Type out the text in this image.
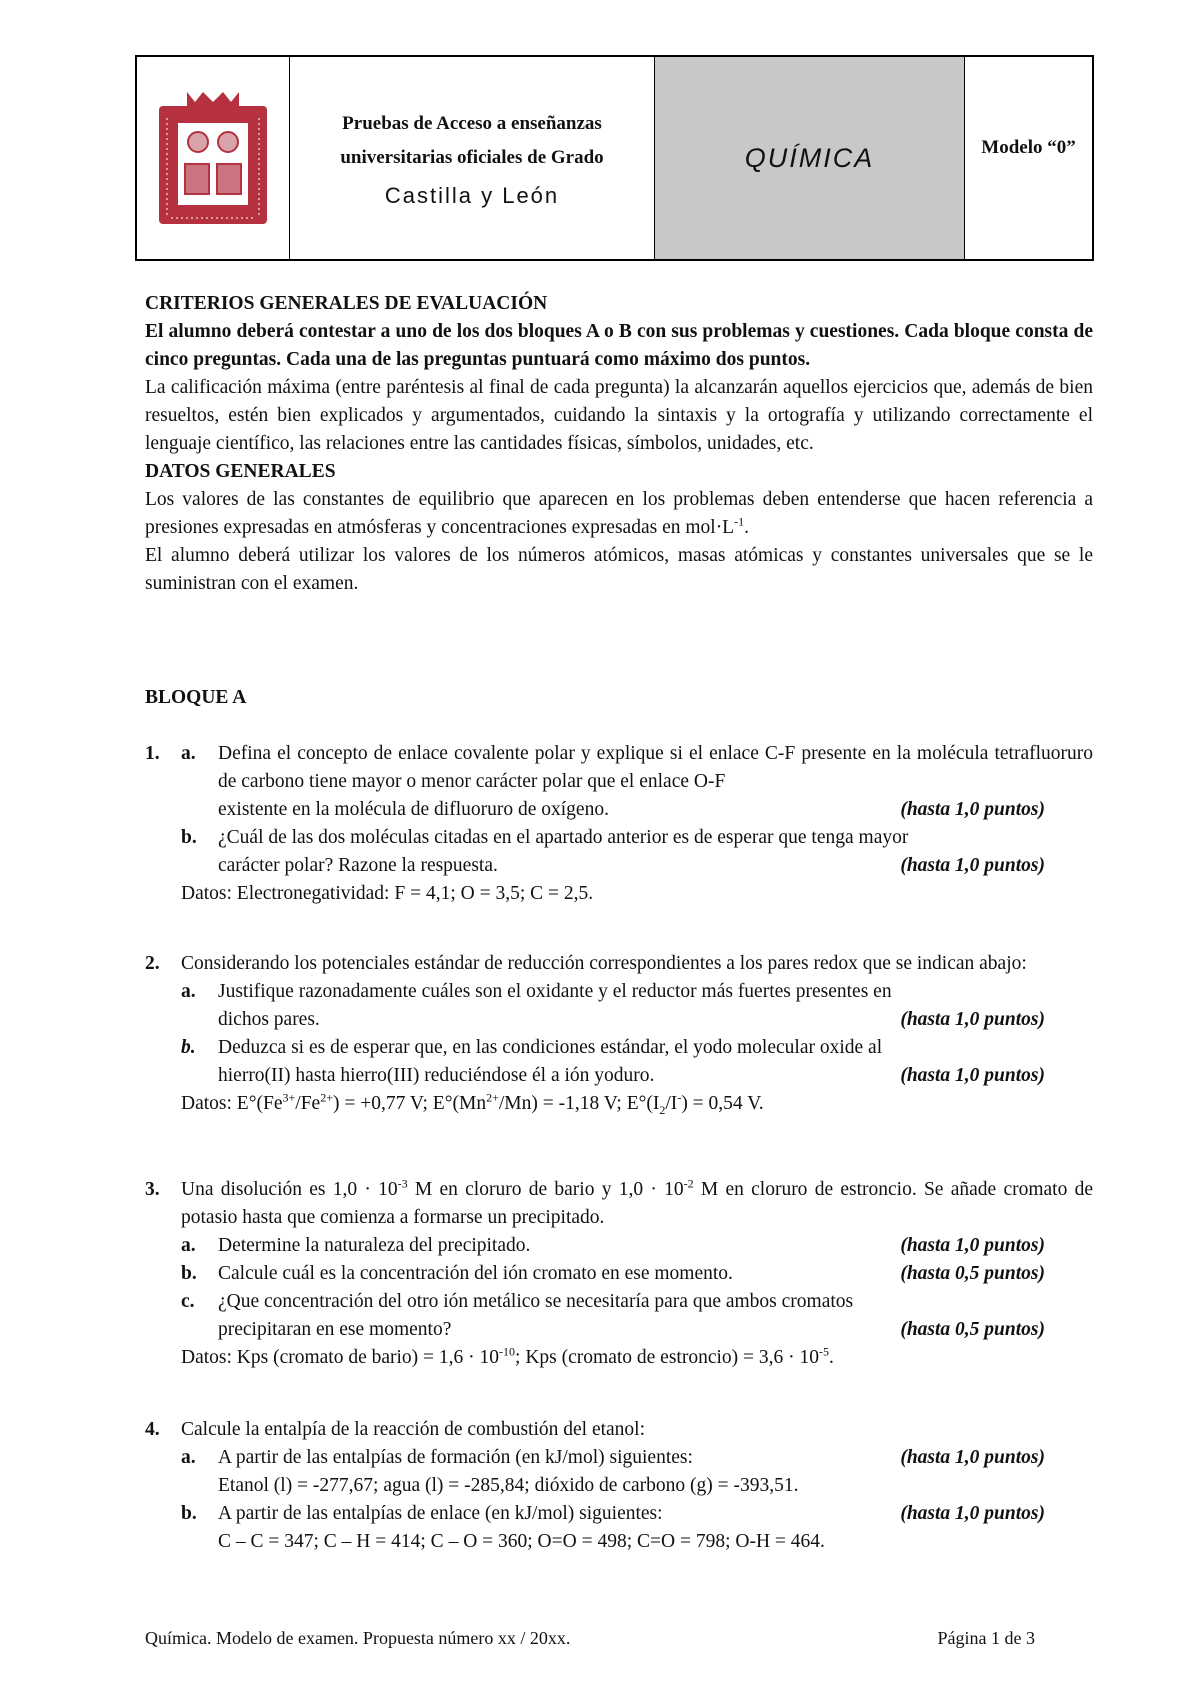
Pruebas de Acceso a enseñanzas
universitarias oficiales de Grado
Castilla y León
QUÍMICA	Modelo “0”
CRITERIOS GENERALES DE EVALUACIÓN
El alumno deberá contestar a uno de los dos bloques A o B con sus problemas y cuestiones. Cada bloque consta de cinco preguntas. Cada una de las preguntas puntuará como máximo dos puntos.
La calificación máxima (entre paréntesis al final de cada pregunta) la alcanzarán aquellos ejercicios que, además de bien resueltos, estén bien explicados y argumentados, cuidando la sintaxis y la ortografía y utilizando correctamente el lenguaje científico, las relaciones entre las cantidades físicas, símbolos, unidades, etc.
DATOS GENERALES
Los valores de las constantes de equilibrio que aparecen en los problemas deben entenderse que hacen referencia a presiones expresadas en atmósferas y concentraciones expresadas en $mol\cdot L^{-1}$.
El alumno deberá utilizar los valores de los números atómicos, masas atómicas y constantes universales que se le suministran con el examen.
BLOQUE A
1. a. Defina el concepto de enlace covalente polar y explique si el enlace C-F presente en la molécula tetrafluoruro de carbono tiene mayor o menor carácter polar que el enlace O-F
existente en la molécula de difluoruro de oxígeno.	(hasta 1,0 puntos)
b. ¿Cuál de las dos moléculas citadas en el apartado anterior es de esperar que tenga mayor
carácter polar? Razone la respuesta.	(hasta 1,0 puntos)
Datos: Electronegatividad: F = 4,1; O = 3,5; C = 2,5.
2. Considerando los potenciales estándar de reducción correspondientes a los pares redox que se indican abajo:
a. Justifique razonadamente cuáles son el oxidante y el reductor más fuertes presentes en
dichos pares.	(hasta 1,0 puntos)
b. Deduzca si es de esperar que, en las condiciones estándar, el yodo molecular oxide al
hierro(II) hasta hierro(III) reduciéndose él a ión yoduro.	(hasta 1,0 puntos)
Datos: $E^\circ(Fe^{3+}/Fe^{2+}) = +0,77$ V; $E^\circ(Mn^{2+}/Mn) = -1,18$ V; $E^\circ(I_2/I^-) = 0,54$ V.
3. Una disolución es $1,0 \cdot 10^{-3}$ M en cloruro de bario y $1,0 \cdot 10^{-2}$ M en cloruro de estroncio. Se añade cromato de potasio hasta que comienza a formarse un precipitado.
a. Determine la naturaleza del precipitado.	(hasta 1,0 puntos)
b. Calcule cuál es la concentración del ión cromato en ese momento.	(hasta 0,5 puntos)
c. ¿Que concentración del otro ión metálico se necesitaría para que ambos cromatos
precipitaran en ese momento?	(hasta 0,5 puntos)
Datos: Kps (cromato de bario) = $1,6 \cdot 10^{-10}$; Kps (cromato de estroncio) = $3,6 \cdot 10^{-5}$.
4. Calcule la entalpía de la reacción de combustión del etanol:
a. A partir de las entalpías de formación (en kJ/mol) siguientes:	(hasta 1,0 puntos)
Etanol (l) = -277,67; agua (l) = -285,84; dióxido de carbono (g) = -393,51.
b. A partir de las entalpías de enlace (en kJ/mol) siguientes:	(hasta 1,0 puntos)
C – C = 347; C – H = 414; C – O = 360; O=O = 498; C=O = 798; O-H = 464.
Química. Modelo de examen. Propuesta número xx / 20xx.	Página 1 de 3
